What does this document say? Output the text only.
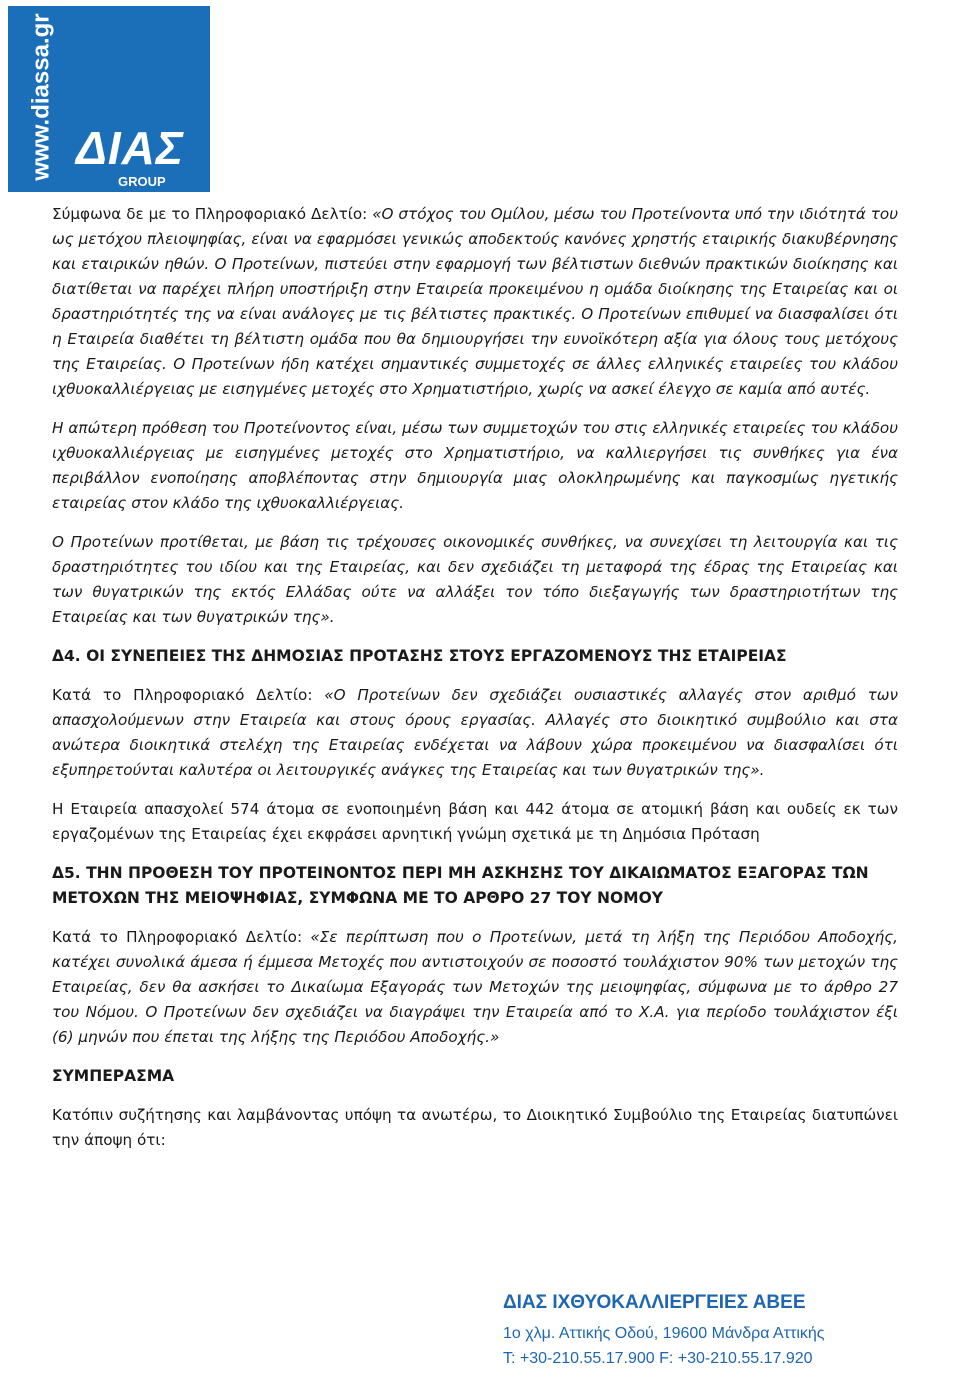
www.diassa.gr ΔΙΑΣ
GROUP

Σύμφωνα δε με το Πληροφοριακό Δελτίο: «Ο στόχος του Ομίλου, μέσω του Προτείνοντα υπό την ιδιότητά του ως μετόχου πλειοψηφίας, είναι να εφαρμόσει γενικώς αποδεκτούς κανόνες χρηστής εταιρικής διακυβέρνησης και εταιρικών ηθών. Ο Προτείνων, πιστεύει στην εφαρμογή των βέλτιστων διεθνών πρακτικών διοίκησης και διατίθεται να παρέχει πλήρη υποστήριξη στην Εταιρεία προκειμένου η ομάδα διοίκησης της Εταιρείας και οι δραστηριότητές της να είναι ανάλογες με τις βέλτιστες πρακτικές. Ο Προτείνων επιθυμεί να διασφαλίσει ότι η Εταιρεία διαθέτει τη βέλτιστη ομάδα που θα δημιουργήσει την ευνοϊκότερη αξία για όλους τους μετόχους της Εταιρείας. Ο Προτείνων ήδη κατέχει σημαντικές συμμετοχές σε άλλες ελληνικές εταιρείες του κλάδου ιχθυοκαλλιέργειας με εισηγμένες μετοχές στο Χρηματιστήριο, χωρίς να ασκεί έλεγχο σε καμία από αυτές.

Η απώτερη πρόθεση του Προτείνοντος είναι, μέσω των συμμετοχών του στις ελληνικές εταιρείες του κλάδου ιχθυοκαλλιέργειας με εισηγμένες μετοχές στο Χρηματιστήριο, να καλλιεργήσει τις συνθήκες για ένα περιβάλλον ενοποίησης αποβλέποντας στην δημιουργία μιας ολοκληρωμένης και παγκοσμίως ηγετικής εταιρείας στον κλάδο της ιχθυοκαλλιέργειας.

Ο Προτείνων προτίθεται, με βάση τις τρέχουσες οικονομικές συνθήκες, να συνεχίσει τη λειτουργία και τις δραστηριότητες του ιδίου και της Εταιρείας, και δεν σχεδιάζει τη μεταφορά της έδρας της Εταιρείας και των θυγατρικών της εκτός Ελλάδας ούτε να αλλάξει τον τόπο διεξαγωγής των δραστηριοτήτων της Εταιρείας και των θυγατρικών της».

Δ4. ΟΙ ΣΥΝΕΠΕΙΕΣ ΤΗΣ ΔΗΜΟΣΙΑΣ ΠΡΟΤΑΣΗΣ ΣΤΟΥΣ ΕΡΓΑΖΟΜΕΝΟΥΣ ΤΗΣ ΕΤΑΙΡΕΙΑΣ

Κατά το Πληροφοριακό Δελτίο: «Ο Προτείνων δεν σχεδιάζει ουσιαστικές αλλαγές στον αριθμό των απασχολούμενων στην Εταιρεία και στους όρους εργασίας. Αλλαγές στο διοικητικό συμβούλιο και στα ανώτερα διοικητικά στελέχη της Εταιρείας ενδέχεται να λάβουν χώρα προκειμένου να διασφαλίσει ότι εξυπηρετούνται καλυτέρα οι λειτουργικές ανάγκες της Εταιρείας και των θυγατρικών της».

Η Εταιρεία απασχολεί 574 άτομα σε ενοποιημένη βάση και 442 άτομα σε ατομική βάση και ουδείς εκ των εργαζομένων της Εταιρείας έχει εκφράσει αρνητική γνώμη σχετικά με τη Δημόσια Πρόταση

Δ5. ΤΗΝ ΠΡΟΘΕΣΗ ΤΟΥ ΠΡΟΤΕΙΝΟΝΤΟΣ ΠΕΡΙ ΜΗ ΑΣΚΗΣΗΣ ΤΟΥ ΔΙΚΑΙΩΜΑΤΟΣ ΕΞΑΓΟΡΑΣ ΤΩΝ ΜΕΤΟΧΩΝ ΤΗΣ ΜΕΙΟΨΗΦΙΑΣ, ΣΥΜΦΩΝΑ ΜΕ ΤΟ ΑΡΘΡΟ 27 ΤΟΥ ΝΟΜΟΥ

Κατά το Πληροφοριακό Δελτίο: «Σε περίπτωση που ο Προτείνων, μετά τη λήξη της Περιόδου Αποδοχής, κατέχει συνολικά άμεσα ή έμμεσα Μετοχές που αντιστοιχούν σε ποσοστό τουλάχιστον 90% των μετοχών της Εταιρείας, δεν θα ασκήσει το Δικαίωμα Εξαγοράς των Μετοχών της μειοψηφίας, σύμφωνα με το άρθρο 27 του Νόμου. Ο Προτείνων δεν σχεδιάζει να διαγράψει την Εταιρεία από το Χ.Α. για περίοδο τουλάχιστον έξι (6) μηνών που έπεται της λήξης της Περιόδου Αποδοχής.»

ΣΥΜΠΕΡΑΣΜΑ

Κατόπιν συζήτησης και λαμβάνοντας υπόψη τα ανωτέρω, το Διοικητικό Συμβούλιο της Εταιρείας διατυπώνει την άποψη ότι:

ΔΙΑΣ ΙΧΘΥΟΚΑΛΛΙΕΡΓΕΙΕΣ ΑΒΕΕ
1ο χλμ. Αττικής Οδού, 19600 Μάνδρα Αττικής
T: +30-210.55.17.900 F: +30-210.55.17.920
